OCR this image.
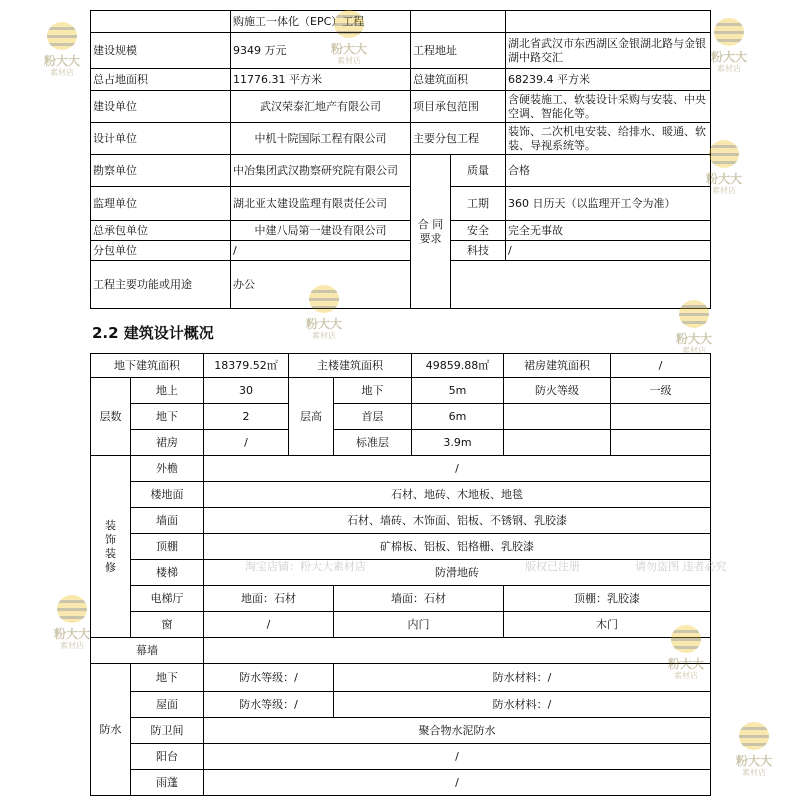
	购施工一体化（EPC）工程			
建设规模	9349 万元	工程地址		湖北省武汉市东西湖区金银湖北路与金银湖中路交汇
总占地面积	11776.31 平方米	总建筑面积		68239.4 平方米
建设单位	武汉荣泰汇地产有限公司	项目承包范围		含硬装施工、软装设计采购与安装、中央空调、智能化等。
设计单位	中机十院国际工程有限公司	主要分包工程		装饰、二次机电安装、给排水、暖通、软装、导视系统等。
勘察单位	中冶集团武汉勘察研究院有限公司	合 同 要求	质量	合格
监理单位	湖北亚太建设监理有限责任公司		工期	360 日历天（以监理开工令为准）
总承包单位	中建八局第一建设有限公司		安全	完全无事故
分包单位	/		科技	/
工程主要功能或用途	办公			
2.2 建筑设计概况
地下建筑面积		18379.52㎡	主楼建筑面积		49859.88㎡	裙房建筑面积	/
层数	地上	30	层高	地下	5m	防火等级	一级
	地下	2		首层	6m		
	裙房	/		标准层	3.9m		
装饰装修	外檐	/					
	楼地面	石材、地砖、木地板、地毯					
	墙面	石材、墙砖、木饰面、铝板、不锈钢、乳胶漆					
	顶棚	矿棉板、铝板、铝格栅、乳胶漆					
	楼梯	防滑地砖					
	电梯厅	地面：石材		墙面：石材		顶棚：乳胶漆	
	窗	/		内门		木门	
幕墙							
防水	地下	防水等级：/		防水材料：/			
	屋面	防水等级：/		防水材料：/			
	防卫间	聚合物水泥防水					
	阳台	/					
	雨蓬	/					
粉大大
素材店
粉大大
素材店	粉大大
素材店
粉大大
素材店
粉大大
素材店
粉大大
素材店
粉大大
素材店
粉大大
素材店
粉大大
素材店
淘宝店铺：粉大大素材店	版权已注册	请勿盗图 违者必究
